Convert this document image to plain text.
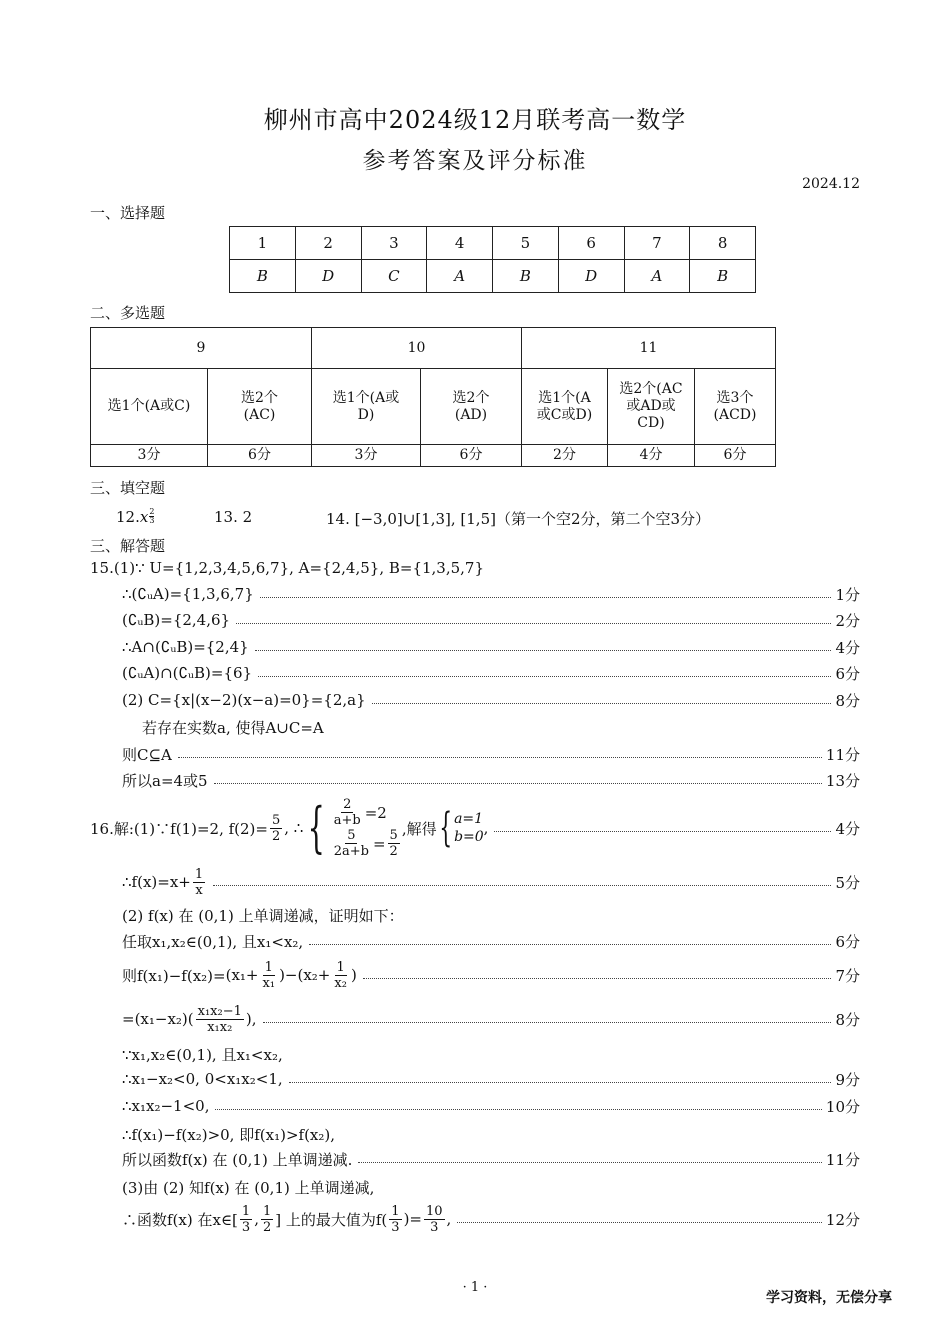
柳州市高中2024级12月联考高一数学
参考答案及评分标准
2024.12
一、选择题
1	2	3	4	5	6	7	8
B	D	C	A	B	D	A	B
二、多选题
9		10		11		

选1个(A或C)	选2个(AC)	选1个(A或D)	选2个(AD)	选1个(A或C或D)	选2个(AC或AD或CD)	选3个(ACD)

3分	6分	3分	6分	2分	4分	6分
三、填空题
$12.x \frac{2}{3}$	13. 2	14. [−3,0]∪[1,3], [1,5]（第一个空2分，第二个空3分）
三、解答题
15.(1)∵ U={1,2,3,4,5,6,7}, A={2,4,5}, B={1,3,5,7}
∴(∁ᵤA)={1,3,6,7}	1分
(∁ᵤB)={2,4,6}	2分
∴A∩(∁ᵤB)={2,4}	4分
(∁ᵤA)∩(∁ᵤB)={6}	6分
(2) C={x|(x−2)(x−a)=0}={2,a}	8分
若存在实数a, 使得A∪C=A
则C⊆A	11分
所以a=4或5	13分
16.解:(1)∵f(1)=2, $f(2)= \frac{5}{2}$ , ∴ { $\frac{2}{a+b} =2$
$\frac{5}{2a+b} = \frac{5}{2}$ ,解得 { a=1
b=0 ,	4分
∴f(x)=x+ $\frac{1}{x}$	5分
(2) f(x) 在 (0,1) 上单调递减，证明如下：
任取x₁,x₂∈(0,1), 且x₁<x₂,	6分
则$f(x_1)-f(x_2)= (x_1+ \frac{1}{\text{x₁}} )-(x_2+ \frac{1}{\text{x₂}}$ )	7分
$=(x_1-x_2)( \frac{\text{x₁x₂−1}}{\text{x₁x₂}}$ ),	8分
∵x₁,x₂∈(0,1), 且x₁<x₂,
∴x₁−x₂<0, 0<x₁x₂<1,	9分
∴x₁x₂−1<0,	10分
∴f(x₁)−f(x₂)>0, 即f(x₁)>f(x₂),
所以函数f(x) 在 (0,1) 上单调递减.	11分
(3)由 (2) 知f(x) 在 (0,1) 上单调递减,
∴函数f(x) 在x∈[ $\frac{1}{3}$ , $\frac{1}{2}$ ] 上的最大值为$f( \frac{1}{3}$ )= $\frac{10}{3}$ ,	12分
· 1 ·
学习资料，无偿分享
